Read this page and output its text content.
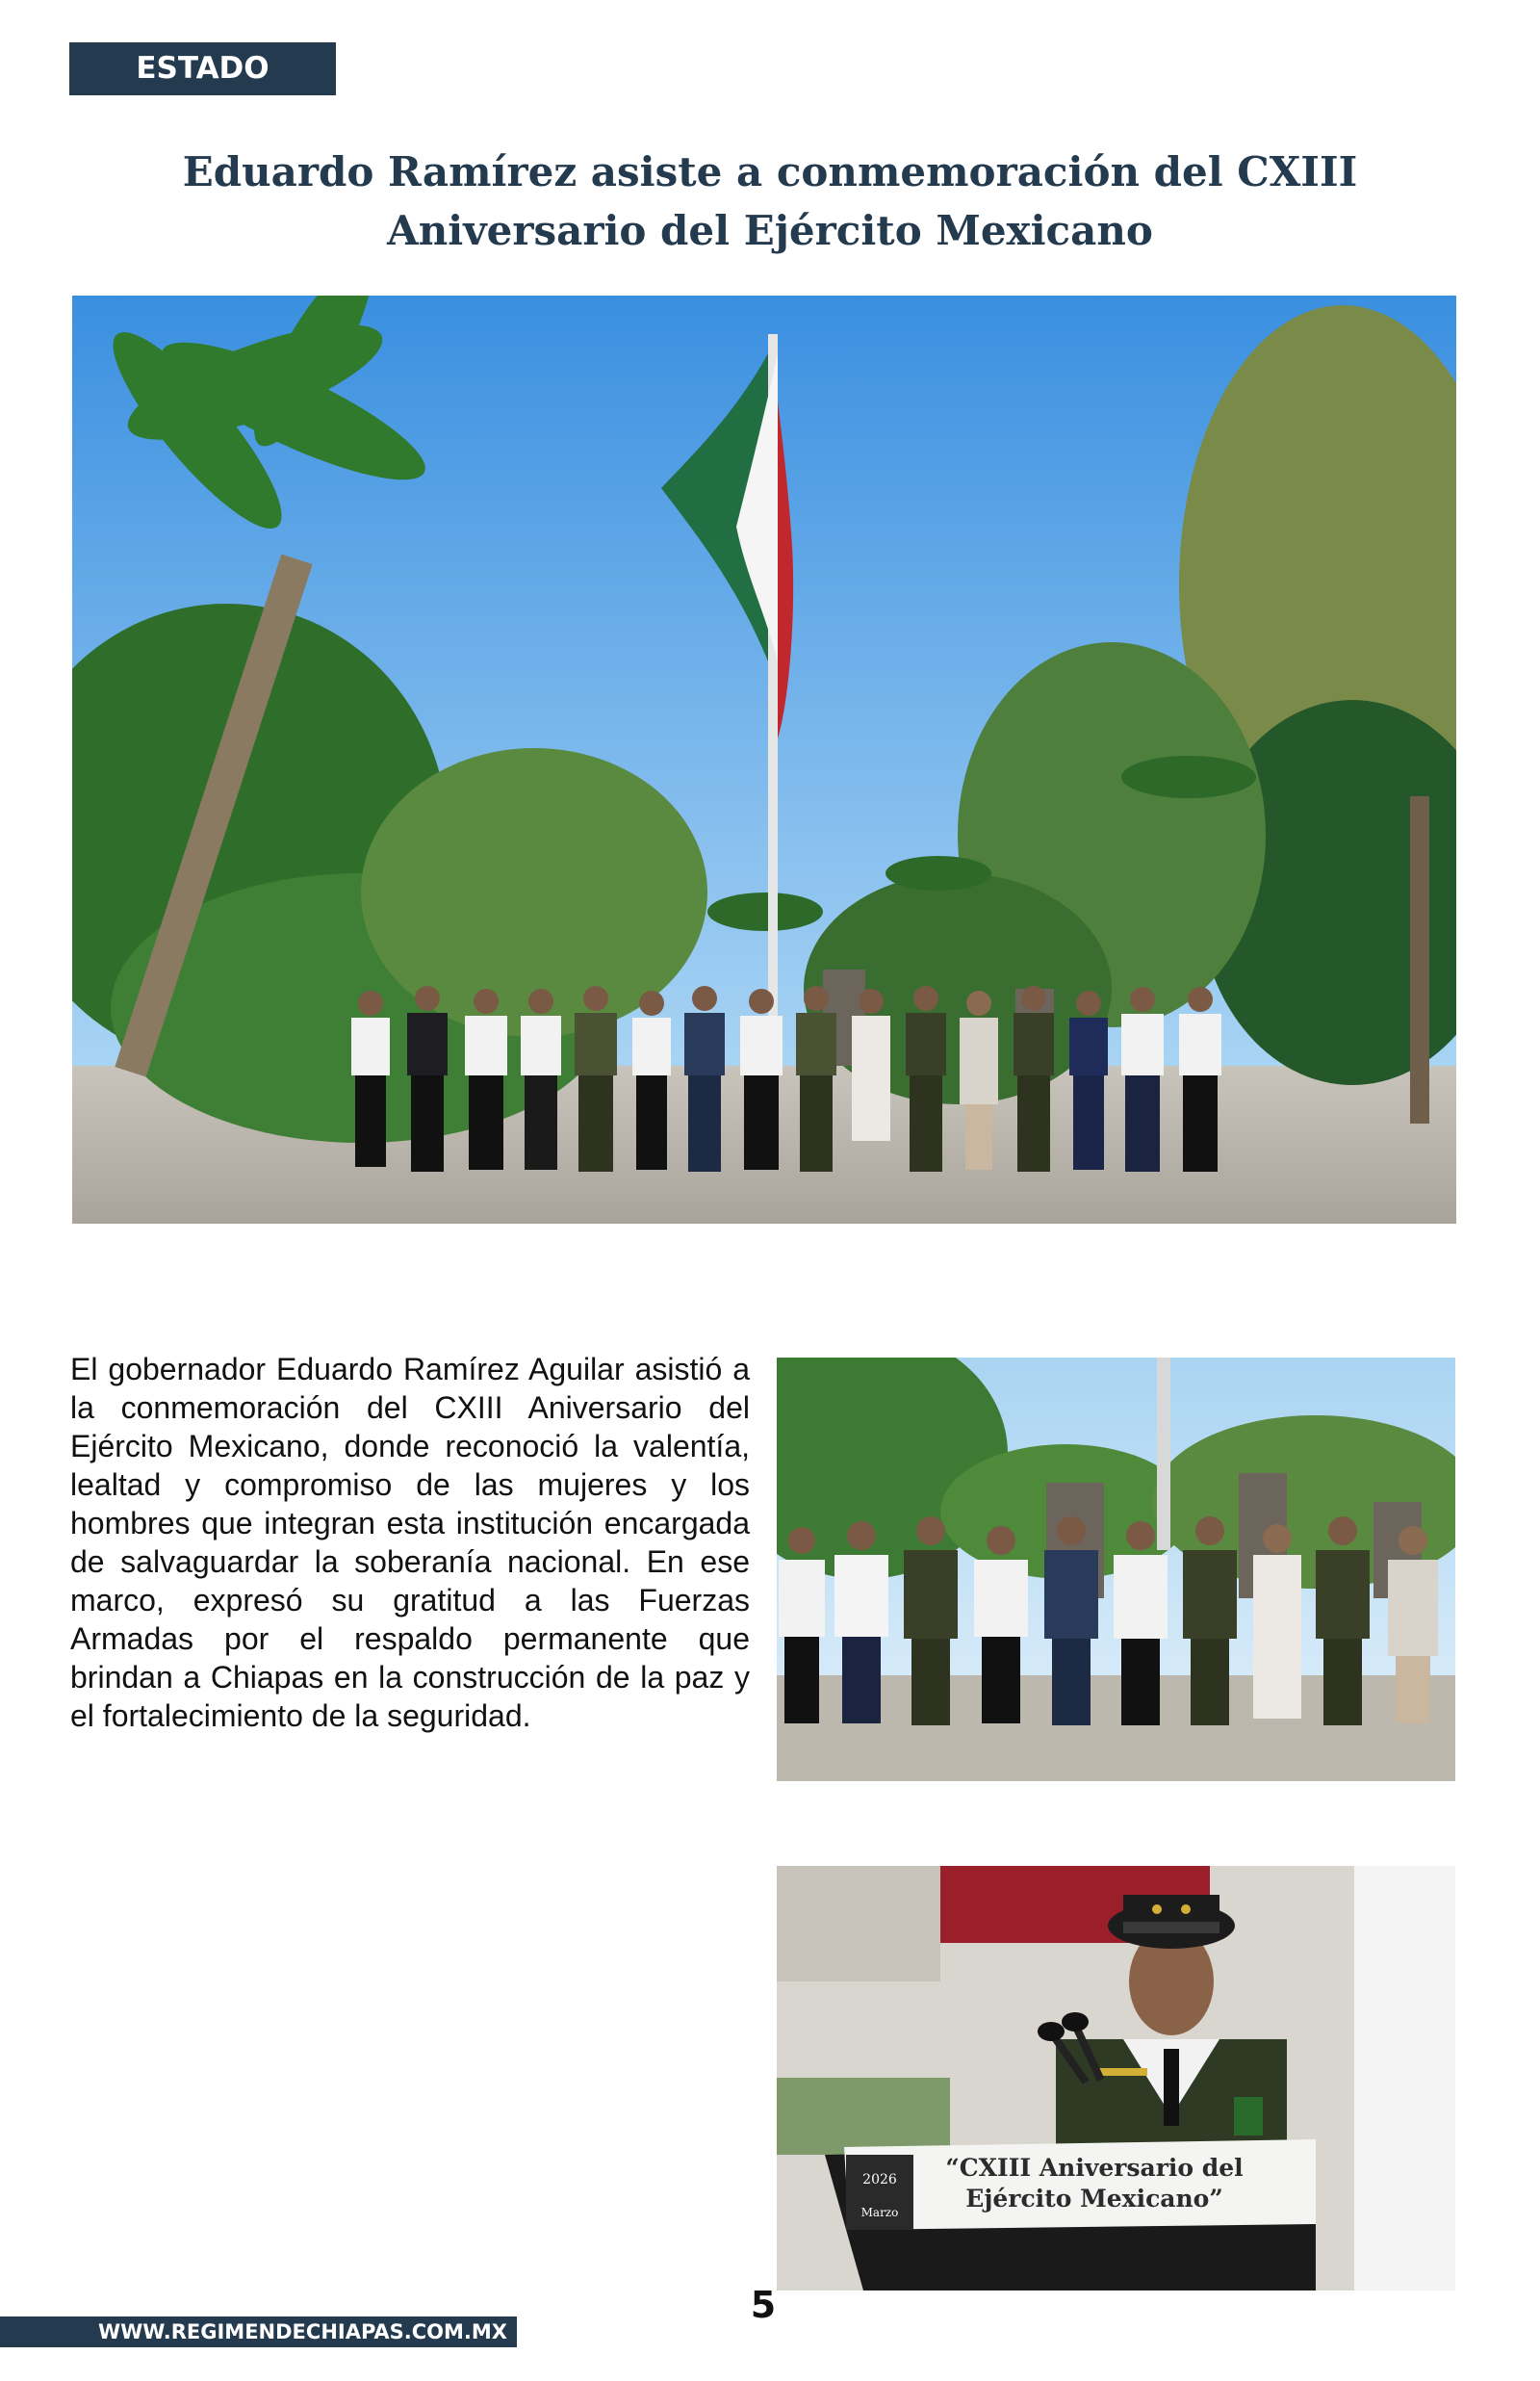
ESTADO
Eduardo Ramírez asiste a conmemoración del CXIII Aniversario del Ejército Mexicano

El gobernador Eduardo Ramírez Aguilar asistió a la conmemoración del CXIII Aniversario del Ejército Mexicano, donde reconoció la valentía, lealtad y compromiso de las mujeres y los hombres que integran esta institución encargada de salvaguardar la soberanía nacional. En ese marco, expresó su gratitud a las Fuerzas Armadas por el respaldo permanente que brindan a Chiapas en la construcción de la paz y el fortalecimiento de la seguridad.

2026
Marzo
“CXIII Aniversario del
Ejército Mexicano”
5
WWW.REGIMENDECHIAPAS.COM.MX
